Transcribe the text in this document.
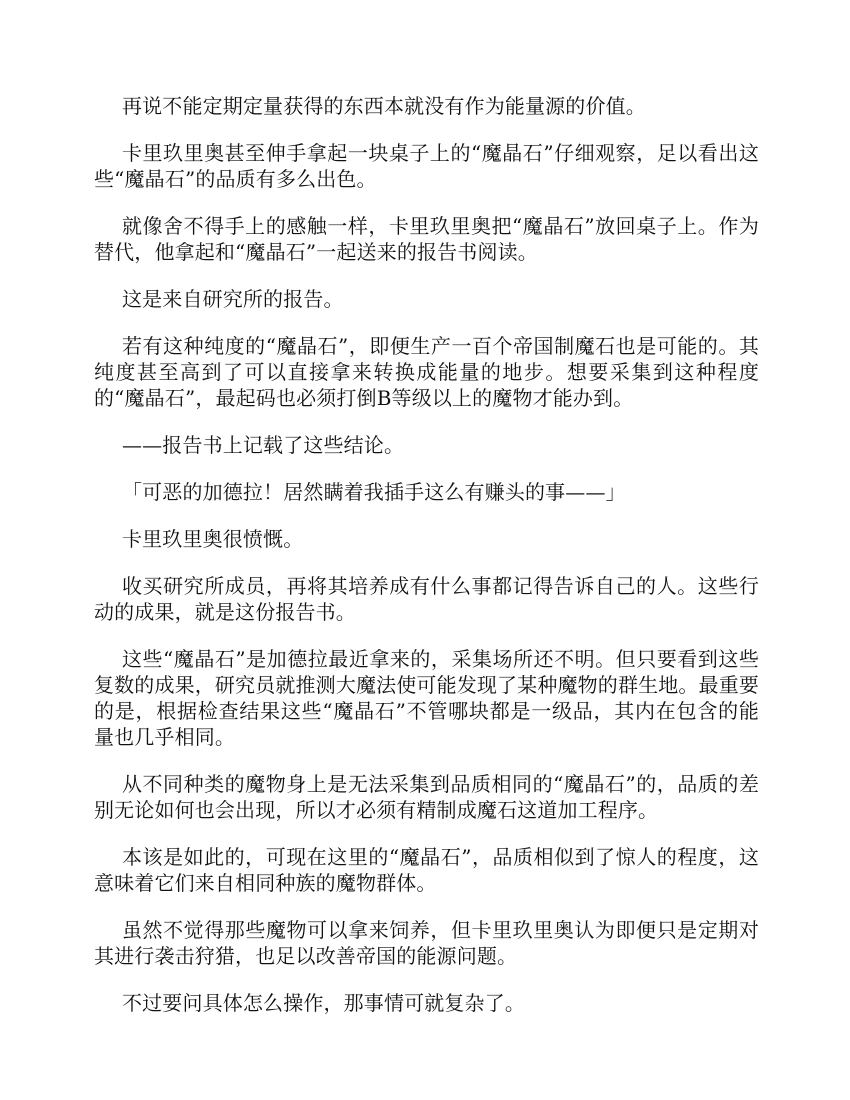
再说不能定期定量获得的东西本就没有作为能量源的价值。

卡里玖里奥甚至伸手拿起一块桌子上的“魔晶石”仔细观察，足以看出这些“魔晶石”的品质有多么出色。

就像舍不得手上的感触一样，卡里玖里奥把“魔晶石”放回桌子上。作为替代，他拿起和“魔晶石”一起送来的报告书阅读。

这是来自研究所的报告。

若有这种纯度的“魔晶石”，即便生产一百个帝国制魔石也是可能的。其纯度甚至高到了可以直接拿来转换成能量的地步。想要采集到这种程度的“魔晶石”，最起码也必须打倒B等级以上的魔物才能办到。

——报告书上记载了这些结论。

「可恶的加德拉！居然瞒着我插手这么有赚头的事——」

卡里玖里奥很愤慨。

收买研究所成员，再将其培养成有什么事都记得告诉自己的人。这些行动的成果，就是这份报告书。

这些“魔晶石”是加德拉最近拿来的，采集场所还不明。但只要看到这些复数的成果，研究员就推测大魔法使可能发现了某种魔物的群生地。最重要的是，根据检查结果这些“魔晶石”不管哪块都是一级品，其内在包含的能量也几乎相同。

从不同种类的魔物身上是无法采集到品质相同的“魔晶石”的，品质的差别无论如何也会出现，所以才必须有精制成魔石这道加工程序。

本该是如此的，可现在这里的“魔晶石”，品质相似到了惊人的程度，这意味着它们来自相同种族的魔物群体。

虽然不觉得那些魔物可以拿来饲养，但卡里玖里奥认为即便只是定期对其进行袭击狩猎，也足以改善帝国的能源问题。

不过要问具体怎么操作，那事情可就复杂了。
